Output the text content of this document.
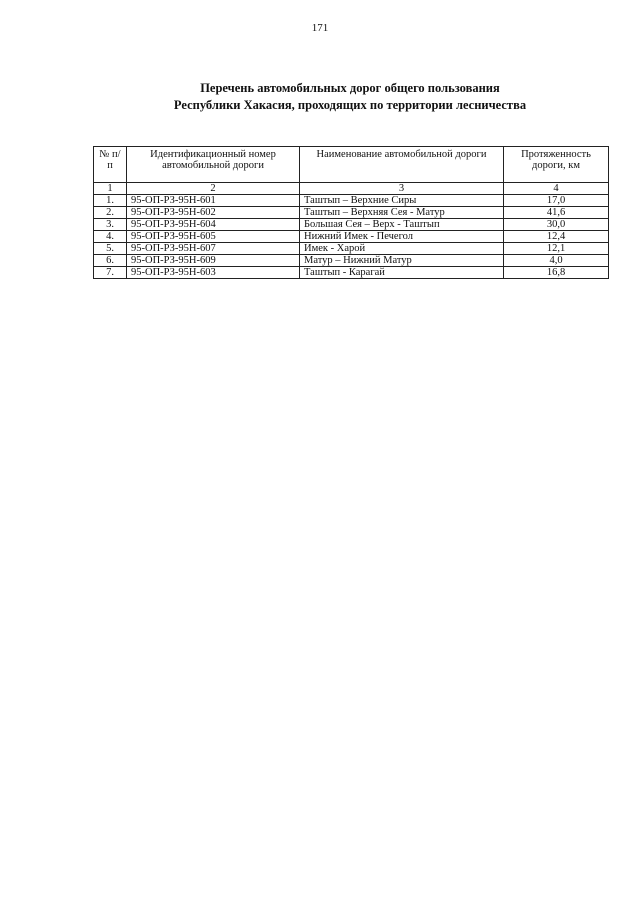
171
Перечень автомобильных дорог общего пользования
Республики Хакасия, проходящих по территории лесничества
№ п/п	Идентификационный номер автомобильной дороги	Наименование автомобильной дороги	Протяженность дороги, км
1	2	3	4
1.	95-ОП-РЗ-95Н-601	Таштып – Верхние Сиры	17,0
2.	95-ОП-РЗ-95Н-602	Таштып – Верхняя Сея - Матур	41,6
3.	95-ОП-РЗ-95Н-604	Большая Сея – Верх - Таштып	30,0
4.	95-ОП-РЗ-95Н-605	Нижний Имек - Печегол	12,4
5.	95-ОП-РЗ-95Н-607	Имек - Харой	12,1
6.	95-ОП-РЗ-95Н-609	Матур – Нижний Матур	4,0
7.	95-ОП-РЗ-95Н-603	Таштып - Карагай	16,8
